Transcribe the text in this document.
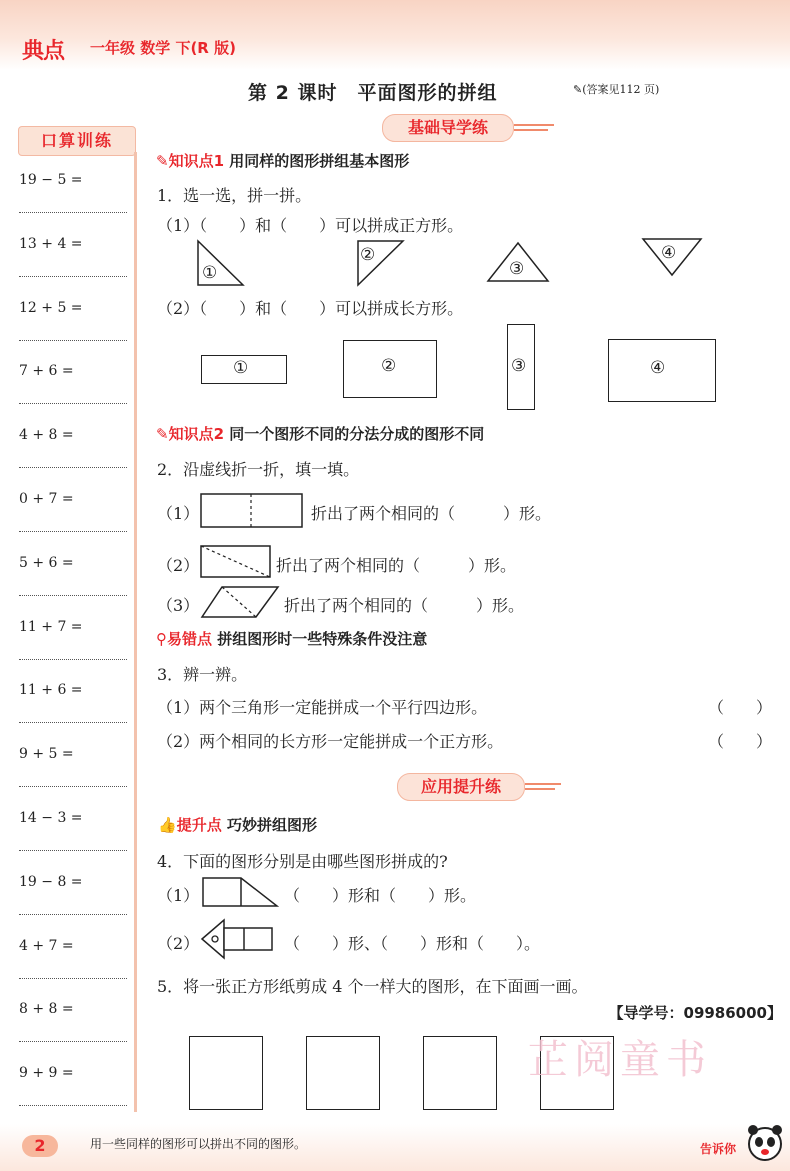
典点 一年级 数学 下(R 版)
第 2 课时　平面图形的拼组	✎(答案见112 页)
口算训练
19 − 5 =
13 + 4 =
12 + 5 =
7 + 6 =
4 + 8 =
0 + 7 =
5 + 6 =
11 + 7 =
11 + 6 =
9 + 5 =
14 − 3 =
19 − 8 =
4 + 7 =
8 + 8 =
9 + 9 =
基础导学练
✎知识点1 用同样的图形拼组基本图形
1．选一选，拼一拼。
（1）（　　）和（　　）可以拼成正方形。
①
②
③
④
（2）（　　）和（　　）可以拼成长方形。
①	②	③	④
✎知识点2 同一个图形不同的分法分成的图形不同
2．沿虚线折一折，填一填。
（1）	折出了两个相同的（　　　）形。
（2）	折出了两个相同的（　　　）形。
（3）	折出了两个相同的（　　　）形。
⚲易错点 拼组图形时一些特殊条件没注意
3．辨一辨。
（1）两个三角形一定能拼成一个平行四边形。	（　　）
（2）两个相同的长方形一定能拼成一个正方形。	（　　）
应用提升练
👍提升点 巧妙拼组图形
4．下面的图形分别是由哪些图形拼成的?
（1）	（　　）形和（　　）形。
（2）	（　　）形、（　　）形和（　　）。
5．将一张正方形纸剪成 4 个一样大的图形，在下面画一画。
【导学号：09986000】
芷阅童书
2	用一些同样的图形可以拼出不同的图形。	告诉你
